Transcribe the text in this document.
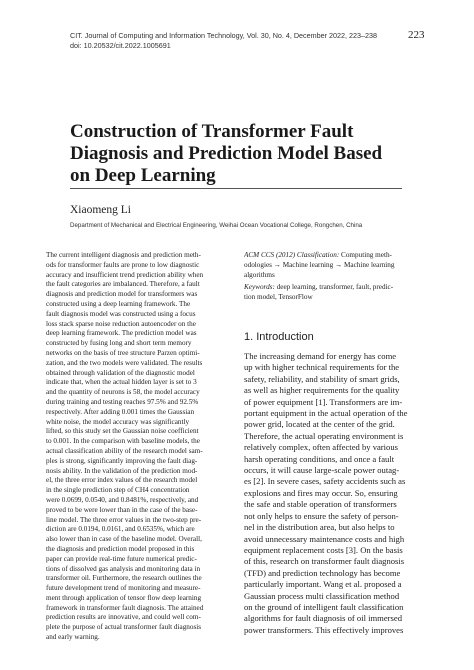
CIT. Journal of Computing and Information Technology, Vol. 30, No. 4, December 2022, 223–238
doi: 10.20532/cit.2022.1005691
223
Construction of Transformer Fault
Diagnosis and Prediction Model Based
on Deep Learning
Xiaomeng Li
Department of Mechanical and Electrical Engineering, Weihai Ocean Vocational College, Rongchen, China
The current intelligent diagnosis and prediction meth-
ods for transformer faults are prone to low diagnostic
accuracy and insufficient trend prediction ability when
the fault categories are imbalanced. Therefore, a fault
diagnosis and prediction model for transformers was
constructed using a deep learning framework. The
fault diagnosis model was constructed using a focus
loss stack sparse noise reduction autoencoder on the
deep learning framework. The prediction model was
constructed by fusing long and short term memory
networks on the basis of tree structure Parzen optimi-
zation, and the two models were validated. The results
obtained through validation of the diagnostic model
indicate that, when the actual hidden layer is set to 3
and the quantity of neurons is 58, the model accuracy
during training and testing reaches 97.5% and 92.5%
respectively. After adding 0.001 times the Gaussian
white noise, the model accuracy was significantly
lifted, so this study set the Gaussian noise coefficient
to 0.001. In the comparison with baseline models, the
actual classification ability of the research model sam-
ples is strong, significantly improving the fault diag-
nosis ability. In the validation of the prediction mod-
el, the three error index values of the research model
in the single prediction step of CH4 concentration
were 0.0699, 0.0540, and 0.8481%, respectively, and
proved to be were lower than in the case of the base-
line model. The three error values in the two-step pre-
diction are 0.0194, 0.0161, and 0.6535%, which are
also lower than in case of the baseline model. Overall,
the diagnosis and prediction model proposed in this
paper can provide real-time future numerical predic-
tions of dissolved gas analysis and monitoring data in
transformer oil. Furthermore, the research outlines the
future development trend of monitoring and measure-
ment through application of tensor flow deep learning
framework in transformer fault diagnosis. The attained
prediction results are innovative, and could well com-
plete the purpose of actual transformer fault diagnosis
and early warning.
ACM CCS (2012) Classification: Computing meth-
odologies → Machine learning → Machine learning
algorithms
Keywords: deep learning, transformer, fault, predic-
tion model, TensorFlow
1. Introduction
The increasing demand for energy has come
up with higher technical requirements for the
safety, reliability, and stability of smart grids,
as well as higher requirements for the quality
of power equipment [1]. Transformers are im-
portant equipment in the actual operation of the
power grid, located at the center of the grid.
Therefore, the actual operating environment is
relatively complex, often affected by various
harsh operating conditions, and once a fault
occurs, it will cause large-scale power outag-
es [2]. In severe cases, safety accidents such as
explosions and fires may occur. So, ensuring
the safe and stable operation of transformers
not only helps to ensure the safety of person-
nel in the distribution area, but also helps to
avoid unnecessary maintenance costs and high
equipment replacement costs [3]. On the basis
of this, research on transformer fault diagnosis
(TFD) and prediction technology has become
particularly important. Wang et al. proposed a
Gaussian process multi classification method
on the ground of intelligent fault classification
algorithms for fault diagnosis of oil immersed
power transformers. This effectively improves
